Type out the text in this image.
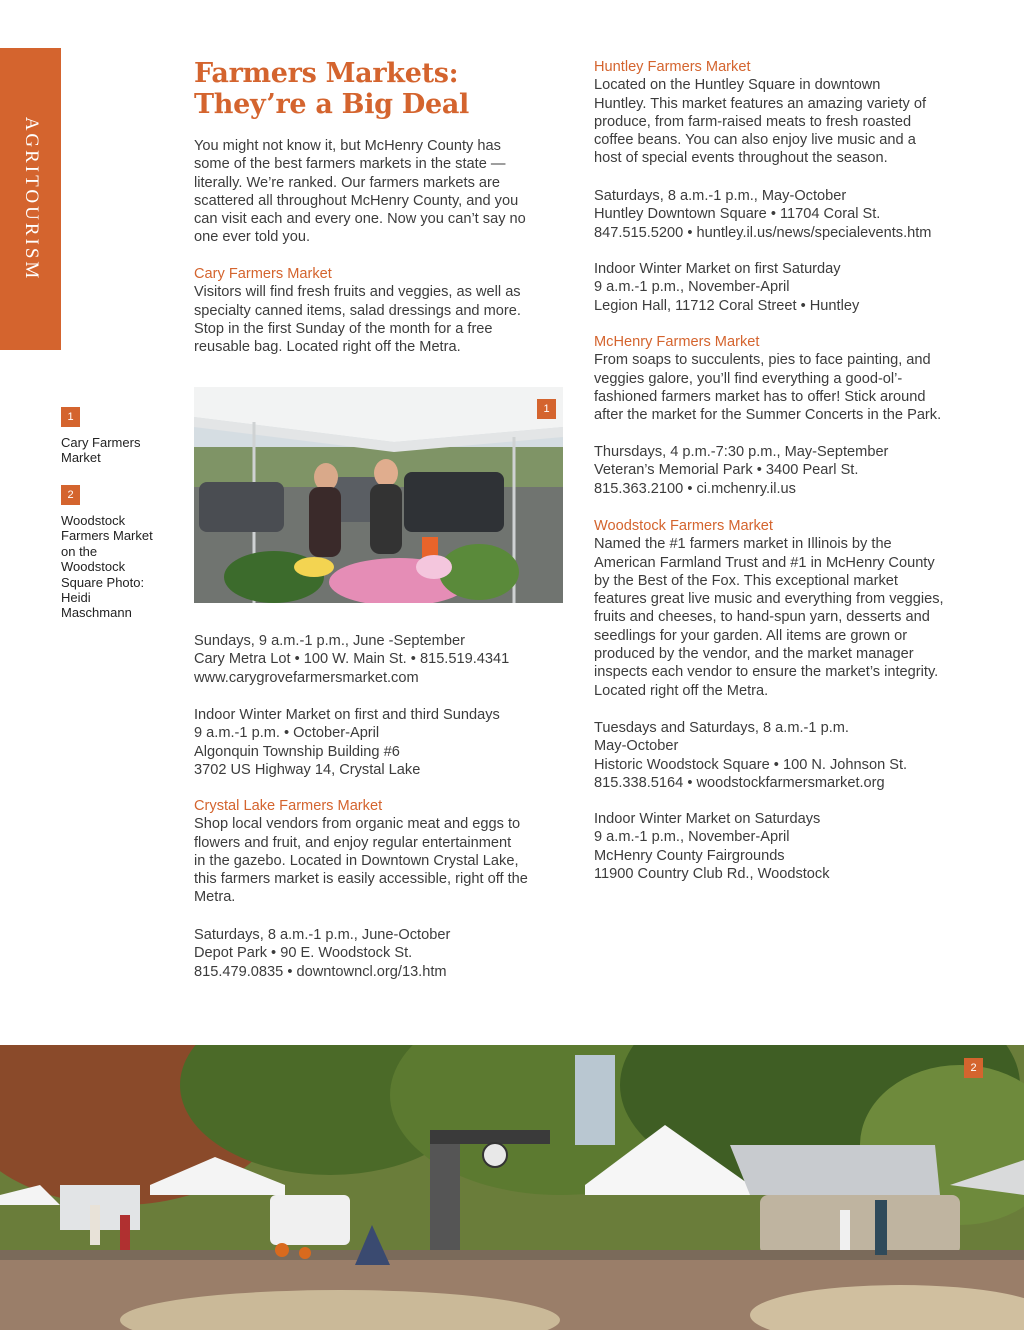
AGRITOURISM
1
Cary Farmers Market
2
Woodstock Farmers Market on the Woodstock Square Photo: Heidi Maschmann
Farmers Markets:
They’re a Big Deal
You might not know it, but McHenry County has
some of the best farmers markets in the state —
literally. We’re ranked. Our farmers markets are
scattered all throughout McHenry County, and you
can visit each and every one. Now you can’t say no
one ever told you.
Cary Farmers Market
Visitors will find fresh fruits and veggies, as well as
specialty canned items, salad dressings and more.
Stop in the first Sunday of the month for a free
reusable bag. Located right off the Metra.
Sundays, 9 a.m.-1 p.m., June -September
Cary Metra Lot • 100 W. Main St. • 815.519.4341
www.carygrovefarmersmarket.com
Indoor Winter Market on first and third Sundays
9 a.m.-1 p.m. • October-April
Algonquin Township Building #6
3702 US Highway 14, Crystal Lake
Crystal Lake Farmers Market
Shop local vendors from organic meat and eggs to
flowers and fruit, and enjoy regular entertainment
in the gazebo. Located in Downtown Crystal Lake,
this farmers market is easily accessible, right off the
Metra.
Saturdays, 8 a.m.-1 p.m., June-October
Depot Park • 90 E. Woodstock St.
815.479.0835 • downtowncl.org/13.htm
Huntley Farmers Market
Located on the Huntley Square in downtown
Huntley. This market features an amazing variety of
produce, from farm-raised meats to fresh roasted
coffee beans. You can also enjoy live music and a
host of special events throughout the season.
Saturdays, 8 a.m.-1 p.m., May-October
Huntley Downtown Square • 11704 Coral St.
847.515.5200 • huntley.il.us/news/specialevents.htm
Indoor Winter Market on first Saturday
9 a.m.-1 p.m., November-April
Legion Hall, 11712 Coral Street • Huntley
McHenry Farmers Market
From soaps to succulents, pies to face painting, and
veggies galore, you’ll find everything a good-ol’-
fashioned farmers market has to offer! Stick around
after the market for the Summer Concerts in the Park.
Thursdays, 4 p.m.-7:30 p.m., May-September
Veteran’s Memorial Park • 3400 Pearl St.
815.363.2100 • ci.mchenry.il.us
Woodstock Farmers Market
Named the #1 farmers market in Illinois by the
American Farmland Trust and #1 in McHenry County
by the Best of the Fox. This exceptional market
features great live music and everything from veggies,
fruits and cheeses, to hand-spun yarn, desserts and
seedlings for your garden. All items are grown or
produced by the vendor, and the market manager
inspects each vendor to ensure the market’s integrity.
Located right off the Metra.
Tuesdays and Saturdays, 8 a.m.-1 p.m.
May-October
Historic Woodstock Square • 100 N. Johnson St.
815.338.5164 • woodstockfarmersmarket.org
Indoor Winter Market on Saturdays
9 a.m.-1 p.m., November-April
McHenry County Fairgrounds
11900 Country Club Rd., Woodstock
1
2
